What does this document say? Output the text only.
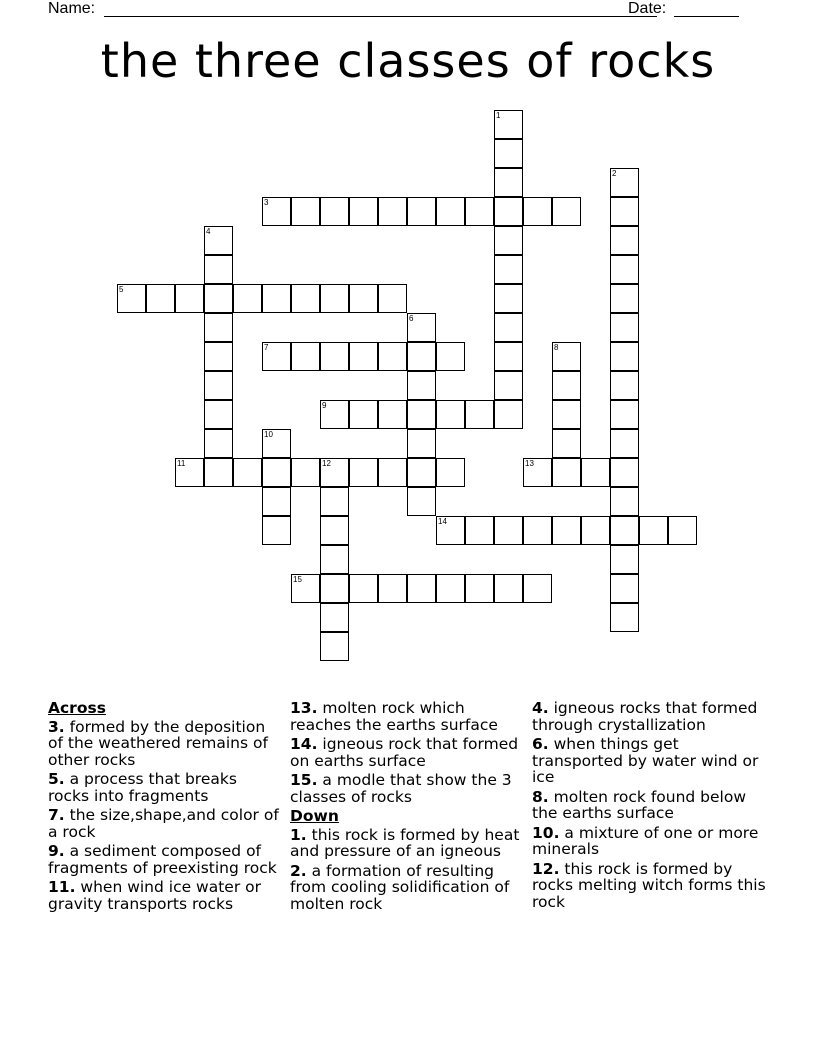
Name:	Date:
the three classes of rocks
1
2
3
4
5
6
7	8
9
10
11	12	13
14
15
Across
3. formed by the deposition of the weathered remains of other rocks
5. a process that breaks rocks into fragments
7. the size,shape,and color of a rock
9. a sediment composed of fragments of preexisting rock
11. when wind ice water or gravity transports rocks
13. molten rock which reaches the earths surface
14. igneous rock that formed on earths surface
15. a modle that show the 3 classes of rocks
Down
1. this rock is formed by heat and pressure of an igneous
2. a formation of resulting from cooling solidification of molten rock
4. igneous rocks that formed through crystallization
6. when things get transported by water wind or ice
8. molten rock found below the earths surface
10. a mixture of one or more minerals
12. this rock is formed by rocks melting witch forms this rock
